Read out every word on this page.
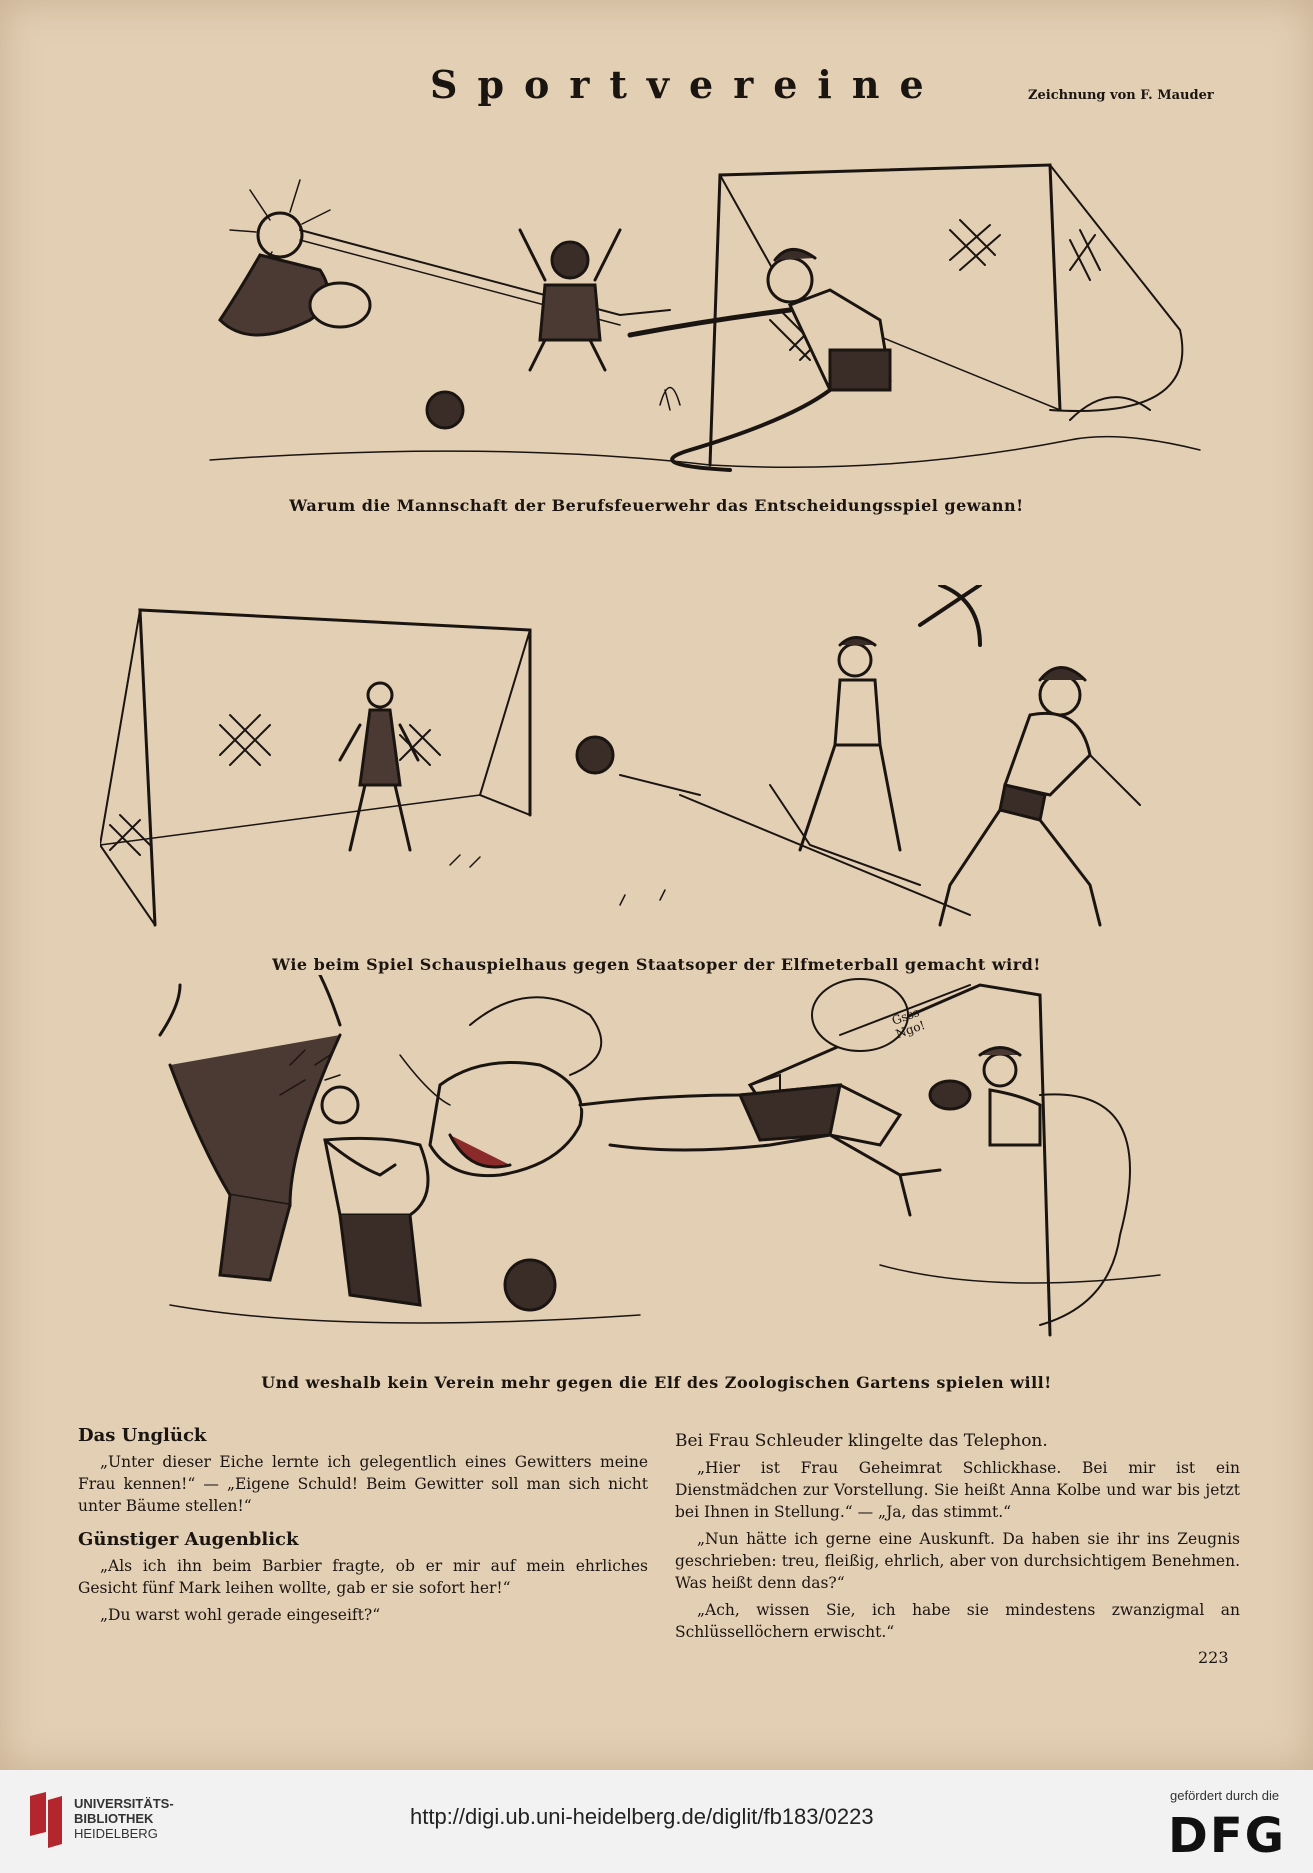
Sportvereine	Zeichnung von F. Mauder
Warum die Mannschaft der Berufsfeuerwehr das Entscheidungsspiel gewann!
Wie beim Spiel Schauspielhaus gegen Staatsoper der Elfmeterball gemacht wird!
Und weshalb kein Verein mehr gegen die Elf des Zoologischen Gartens spielen will!
Gsss Ngo!
Das Unglück

„Unter dieser Eiche lernte ich gelegentlich eines Gewitters meine Frau kennen!“ — „Eigene Schuld! Beim Gewitter soll man sich nicht unter Bäume stellen!“

Günstiger Augenblick

„Als ich ihn beim Barbier fragte, ob er mir auf mein ehrliches Gesicht fünf Mark leihen wollte, gab er sie sofort her!“

„Du warst wohl gerade eingeseift?“

Bei Frau Schleuder klingelte das Telephon.

„Hier ist Frau Geheimrat Schlickhase. Bei mir ist ein Dienstmädchen zur Vorstellung. Sie heißt Anna Kolbe und war bis jetzt bei Ihnen in Stellung.“ — „Ja, das stimmt.“

„Nun hätte ich gerne eine Auskunft. Da haben sie ihr ins Zeugnis geschrieben: treu, fleißig, ehrlich, aber von durchsichtigem Benehmen. Was heißt denn das?“

„Ach, wissen Sie, ich habe sie mindestens zwanzigmal an Schlüssellöchern erwischt.“

223
UNIVERSITÄTS-
BIBLIOTHEK
HEIDELBERG
http://digi.ub.uni-heidelberg.de/diglit/fb183/0223
gefördert durch die
DFG
